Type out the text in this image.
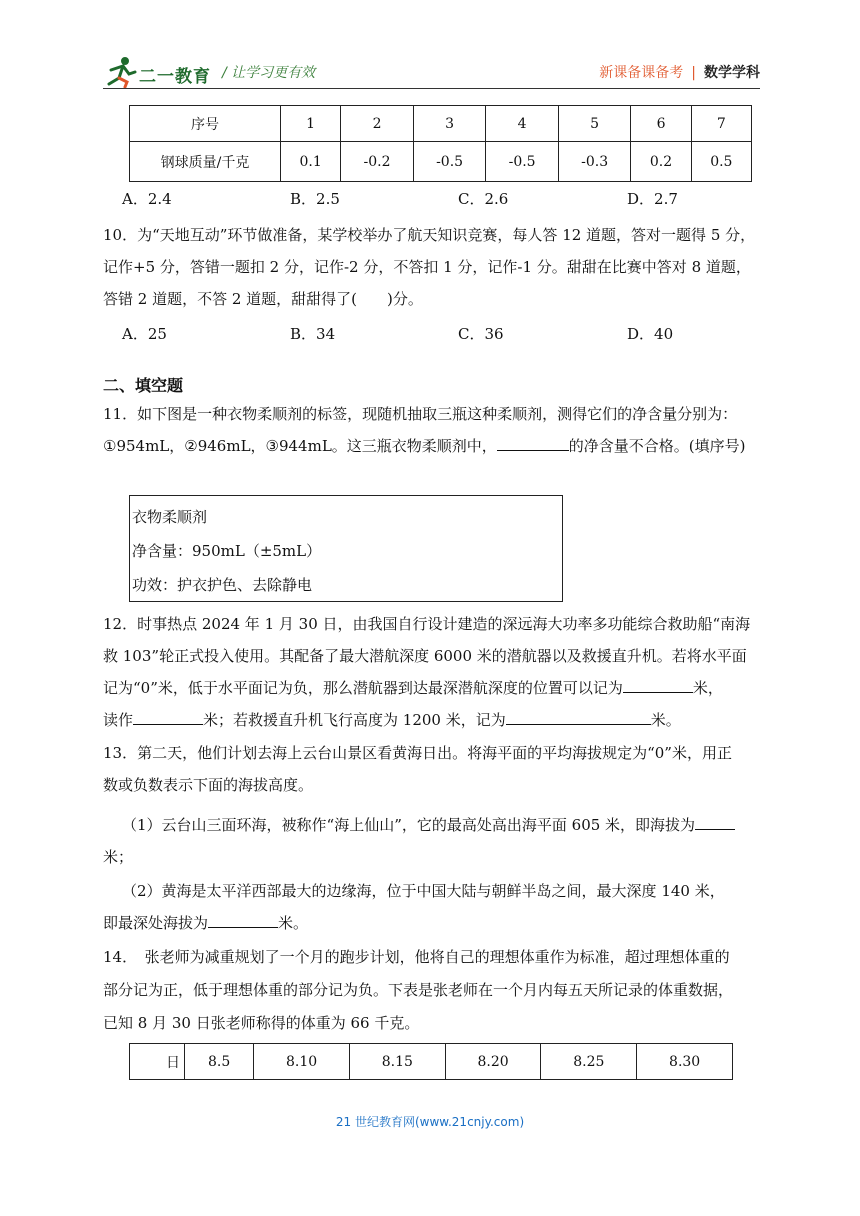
二一教育 / 让学习更有效	新课备课备考 | 数学学科
序号	1	2	3	4	5	6	7
钢球质量/千克	0.1	-0.2	-0.5	-0.5	-0.3	0.2	0.5
A．2.4	B．2.5	C．2.6	D．2.7
10．为“天地互动”环节做准备，某学校举办了航天知识竞赛，每人答 12 道题，答对一题得 5 分，
记作+5 分，答错一题扣 2 分，记作-2 分，不答扣 1 分，记作-1 分。甜甜在比赛中答对 8 道题，
答错 2 道题，不答 2 道题，甜甜得了(　　)分。
A．25	B．34	C．36	D．40
二、填空题
11．如下图是一种衣物柔顺剂的标签，现随机抽取三瓶这种柔顺剂，测得它们的净含量分别为：
①954mL，②946mL，③944mL。这三瓶衣物柔顺剂中，	的净含量不合格。(填序号)
衣物柔顺剂
净含量：950mL（±5mL）
功效：护衣护色、去除静电
12．时事热点 2024 年 1 月 30 日，由我国自行设计建造的深远海大功率多功能综合救助船“南海
救 103”轮正式投入使用。其配备了最大潜航深度 6000 米的潜航器以及救援直升机。若将水平面
记为“0”米，低于水平面记为负，那么潜航器到达最深潜航深度的位置可以记为	米，
读作	米；若救援直升机飞行高度为 1200 米，记为	米。
13．第二天，他们计划去海上云台山景区看黄海日出。将海平面的平均海拔规定为“0”米，用正
数或负数表示下面的海拔高度。
（1）云台山三面环海，被称作“海上仙山”，它的最高处高出海平面 605 米，即海拔为
米；
（2）黄海是太平洋西部最大的边缘海，位于中国大陆与朝鲜半岛之间，最大深度 140 米，
即最深处海拔为	米。
14．　张老师为减重规划了一个月的跑步计划，他将自己的理想体重作为标准，超过理想体重的
部分记为正，低于理想体重的部分记为负。下表是张老师在一个月内每五天所记录的体重数据，
已知 8 月 30 日张老师称得的体重为 66 千克。
日	8.5	8.10	8.15	8.20	8.25	8.30
21 世纪教育网(www.21cnjy.com)
